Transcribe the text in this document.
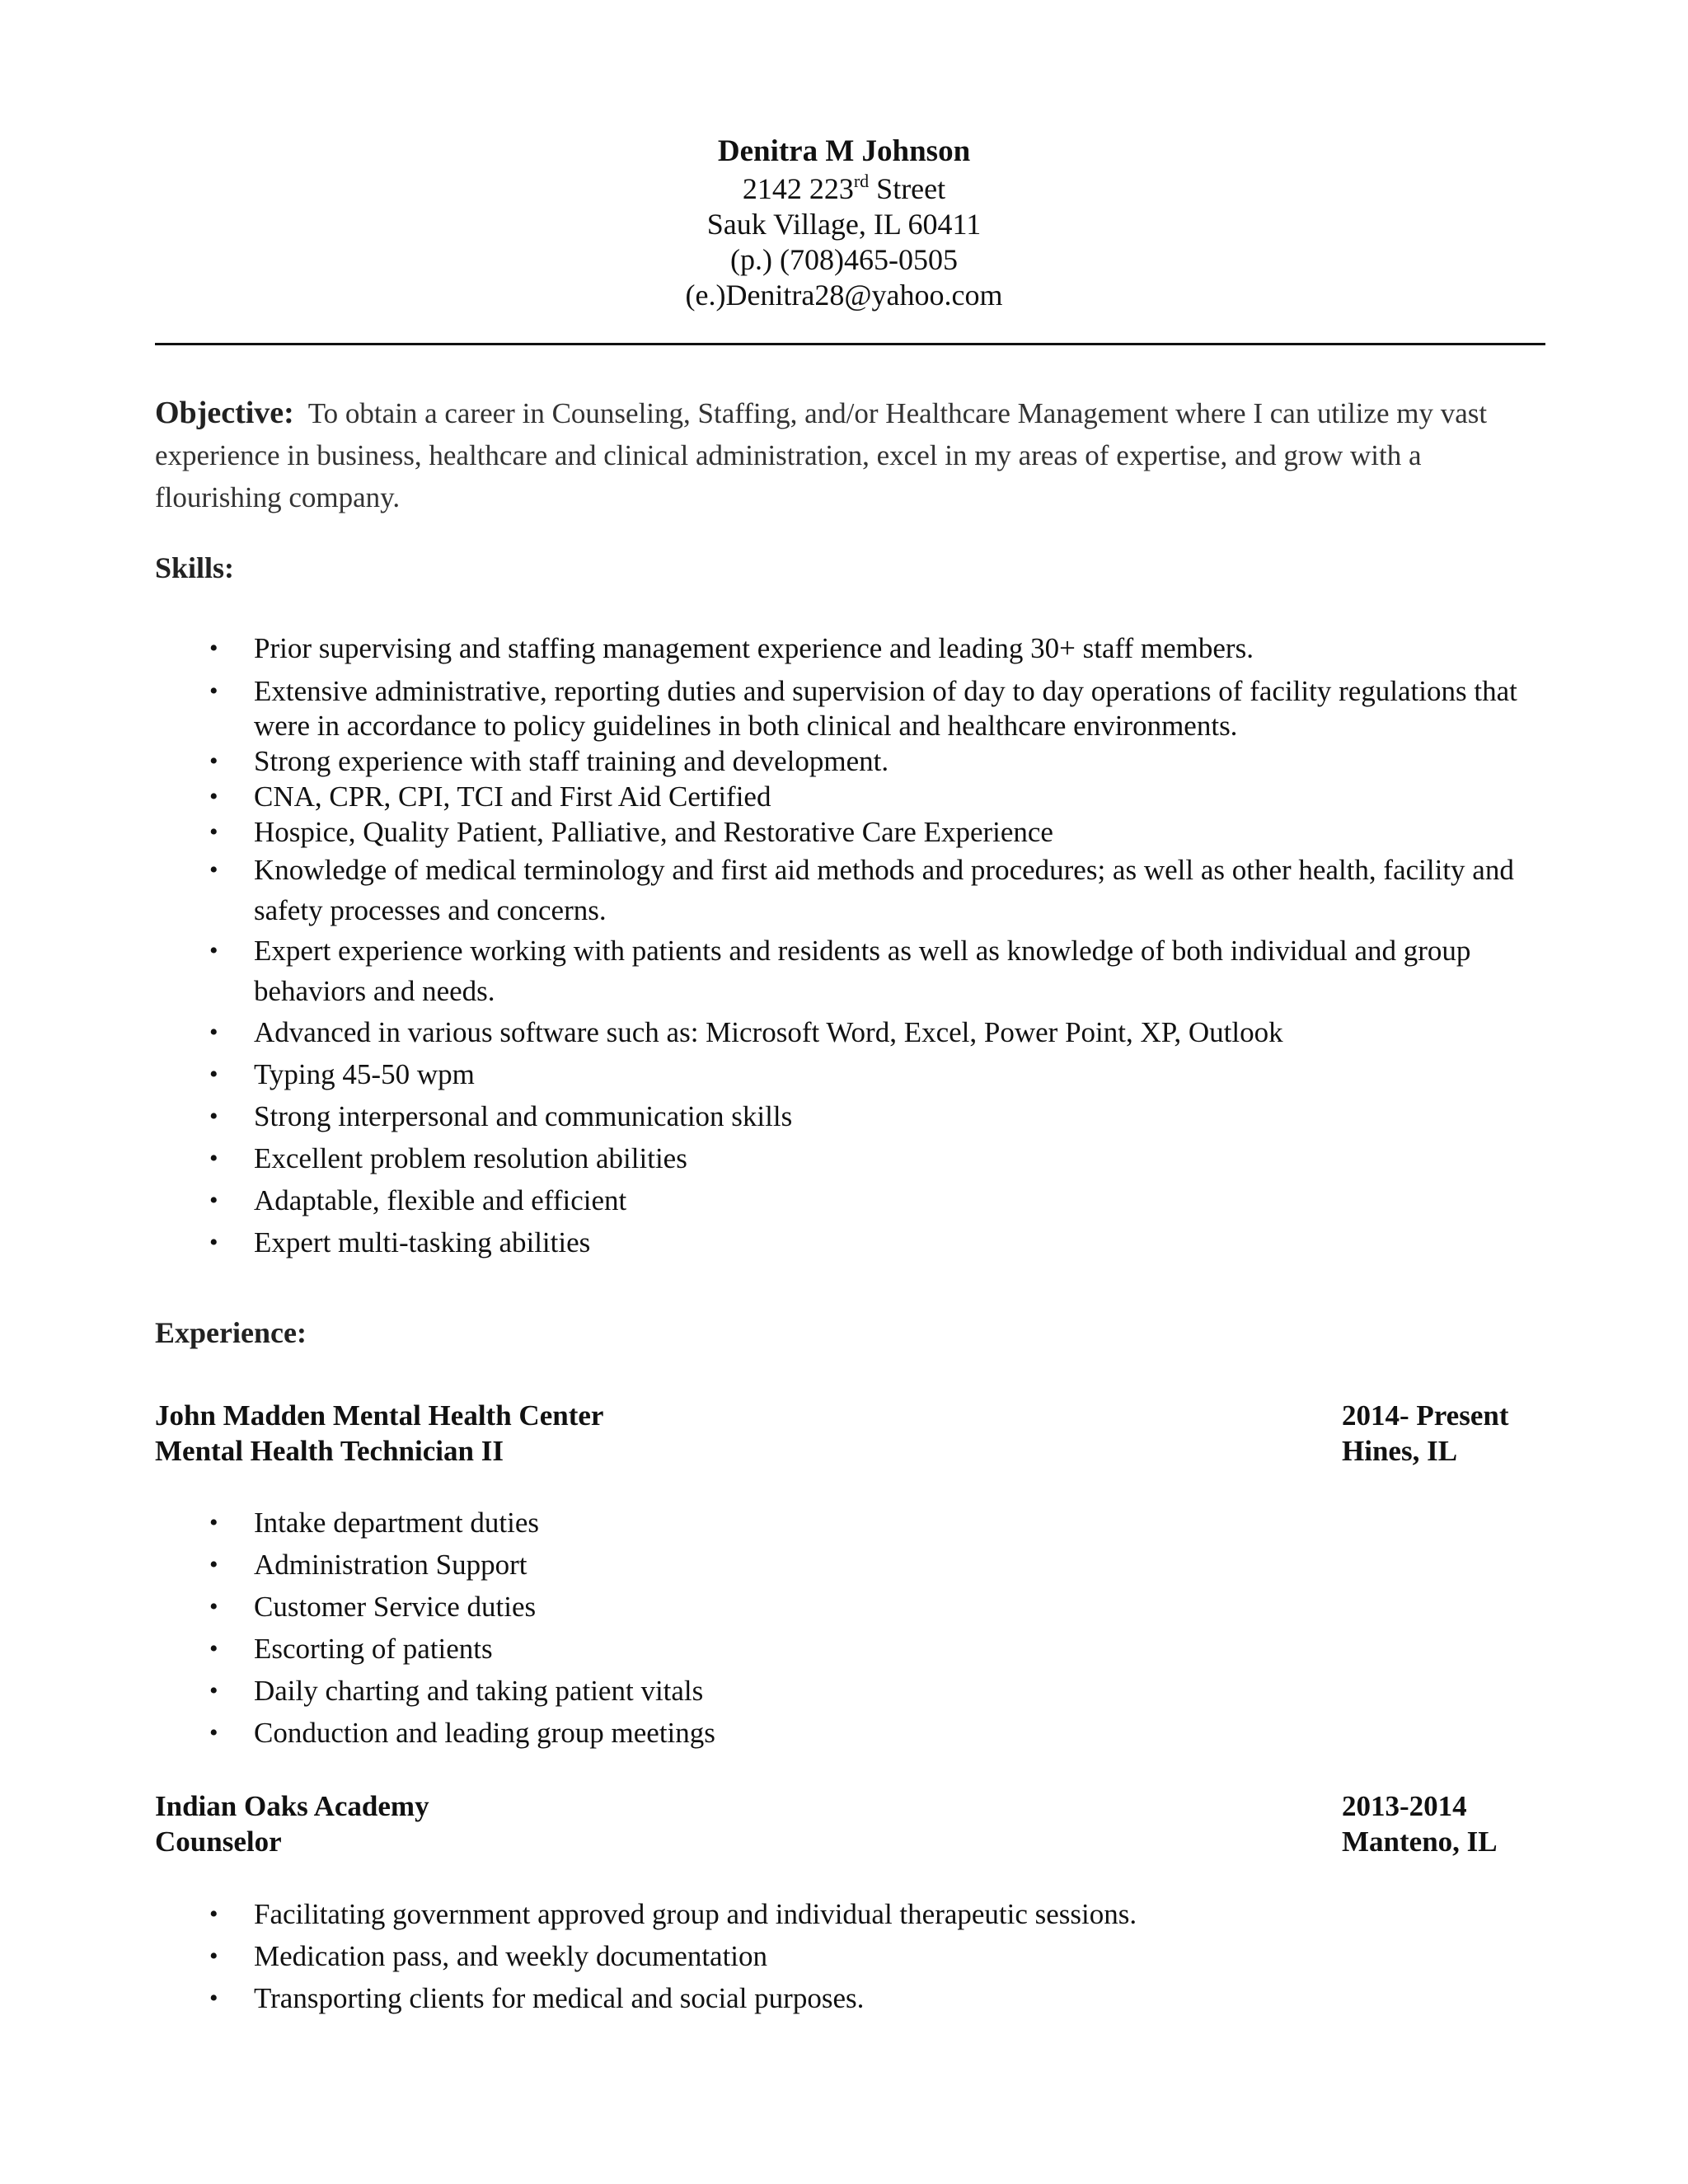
Denitra M Johnson
2142 223rd Street
Sauk Village, IL 60411
(p.) (708)465-0505
(e.)Denitra28@yahoo.com
Objective: To obtain a career in Counseling, Staffing, and/or Healthcare Management where I can utilize my vast experience in business, healthcare and clinical administration, excel in my areas of expertise, and grow with a flourishing company.
Skills:
• Prior supervising and staffing management experience and leading 30+ staff members.
• Extensive administrative, reporting duties and supervision of day to day operations of facility regulations that were in accordance to policy guidelines in both clinical and healthcare environments.
• Strong experience with staff training and development.
• CNA, CPR, CPI, TCI and First Aid Certified
• Hospice, Quality Patient, Palliative, and Restorative Care Experience
• Knowledge of medical terminology and first aid methods and procedures; as well as other health, facility and safety processes and concerns.
• Expert experience working with patients and residents as well as knowledge of both individual and group behaviors and needs.
• Advanced in various software such as: Microsoft Word, Excel, Power Point, XP, Outlook
• Typing 45-50 wpm
• Strong interpersonal and communication skills
• Excellent problem resolution abilities
• Adaptable, flexible and efficient
• Expert multi-tasking abilities
Experience:
John Madden Mental Health Center	2014- Present
Mental Health Technician II	Hines, IL
• Intake department duties
• Administration Support
• Customer Service duties
• Escorting of patients
• Daily charting and taking patient vitals
• Conduction and leading group meetings
Indian Oaks Academy	2013-2014
Counselor	Manteno, IL
• Facilitating government approved group and individual therapeutic sessions.
• Medication pass, and weekly documentation
• Transporting clients for medical and social purposes.
